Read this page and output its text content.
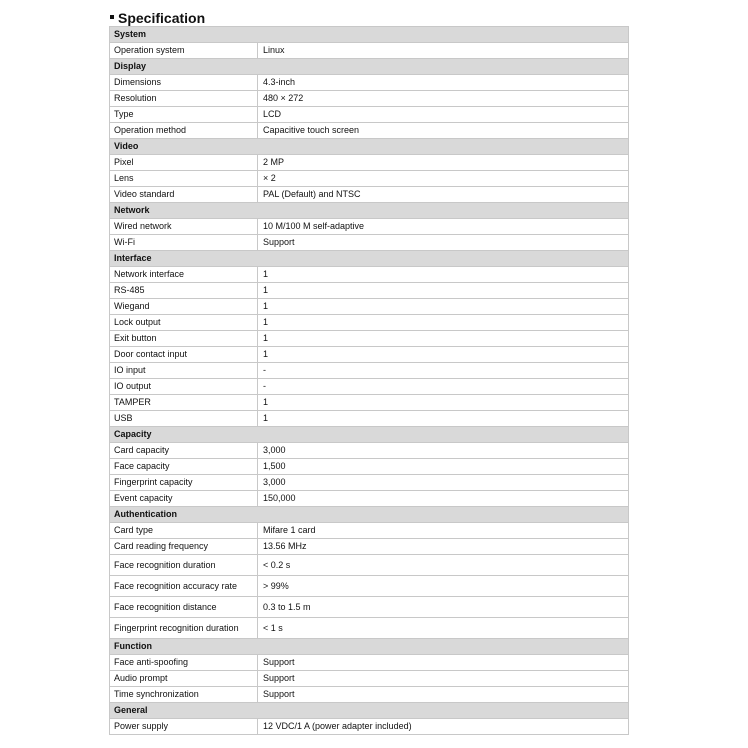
Specification
System
Operation system	Linux
Display
Dimensions	4.3-inch
Resolution	480 × 272
Type	LCD
Operation method	Capacitive touch screen
Video
Pixel	2 MP
Lens	× 2
Video standard	PAL (Default) and NTSC
Network
Wired network	10 M/100 M self-adaptive
Wi-Fi	Support
Interface
Network interface	1
RS-485	1
Wiegand	1
Lock output	1
Exit button	1
Door contact input	1
IO input	-
IO output	-
TAMPER	1
USB	1
Capacity
Card capacity	3,000
Face capacity	1,500
Fingerprint capacity	3,000
Event capacity	150,000
Authentication
Card type	Mifare 1 card
Card reading frequency	13.56 MHz
Face recognition duration	< 0.2 s
Face recognition accuracy rate	> 99%
Face recognition distance	0.3 to 1.5 m
Fingerprint recognition duration	< 1 s
Function
Face anti-spoofing	Support
Audio prompt	Support
Time synchronization	Support
General
Power supply	12 VDC/1 A (power adapter included)
